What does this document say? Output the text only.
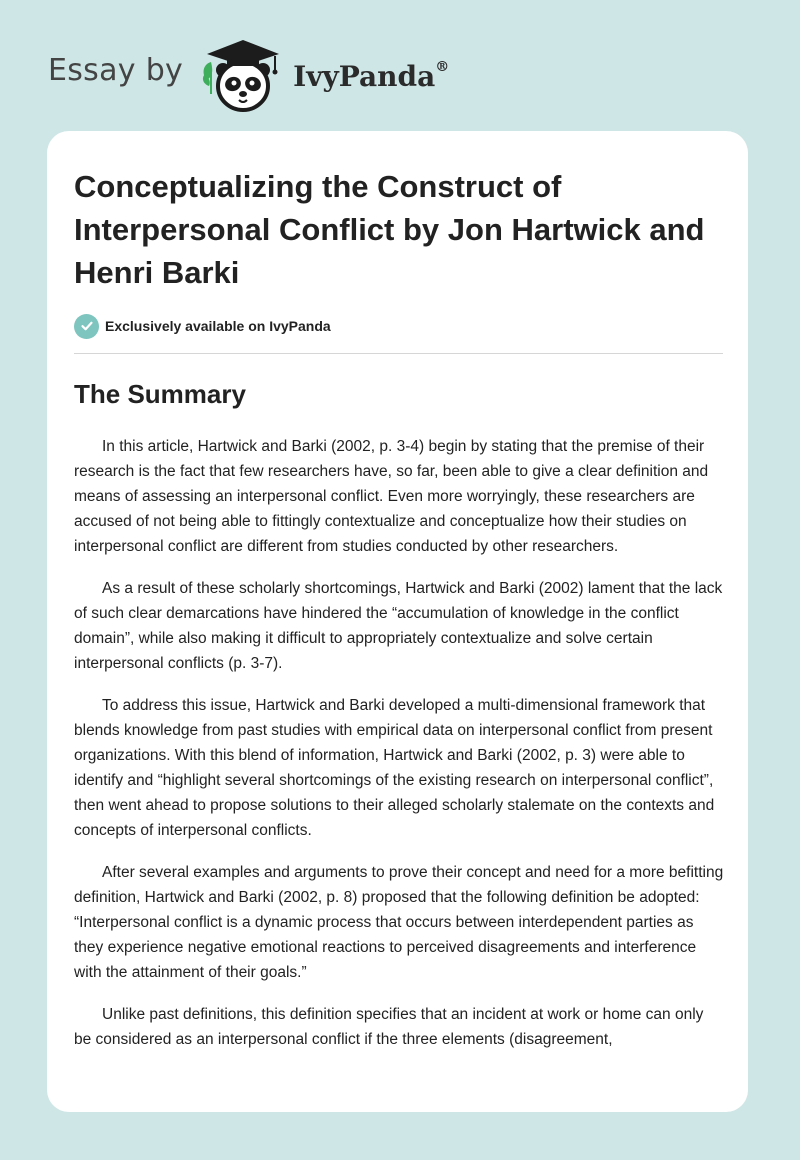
Essay by	IvyPanda®
Conceptualizing the Construct of Interpersonal Conflict by Jon Hartwick and Henri Barki
Exclusively available on IvyPanda
The Summary

In this article, Hartwick and Barki (2002, p. 3-4) begin by stating that the premise of their research is the fact that few researchers have, so far, been able to give a clear definition and means of assessing an interpersonal conflict. Even more worryingly, these researchers are accused of not being able to fittingly contextualize and conceptualize how their studies on interpersonal conflict are different from studies conducted by other researchers.

As a result of these scholarly shortcomings, Hartwick and Barki (2002) lament that the lack of such clear demarcations have hindered the “accumulation of knowledge in the conflict domain”, while also making it difficult to appropriately contextualize and solve certain interpersonal conflicts (p. 3-7).

To address this issue, Hartwick and Barki developed a multi-dimensional framework that blends knowledge from past studies with empirical data on interpersonal conflict from present organizations. With this blend of information, Hartwick and Barki (2002, p. 3) were able to identify and “highlight several shortcomings of the existing research on interpersonal conflict”, then went ahead to propose solutions to their alleged scholarly stalemate on the contexts and concepts of interpersonal conflicts.

After several examples and arguments to prove their concept and need for a more befitting definition, Hartwick and Barki (2002, p. 8) proposed that the following definition be adopted: “Interpersonal conflict is a dynamic process that occurs between interdependent parties as they experience negative emotional reactions to perceived disagreements and interference with the attainment of their goals.”

Unlike past definitions, this definition specifies that an incident at work or home can only be considered as an interpersonal conflict if the three elements (disagreement,
